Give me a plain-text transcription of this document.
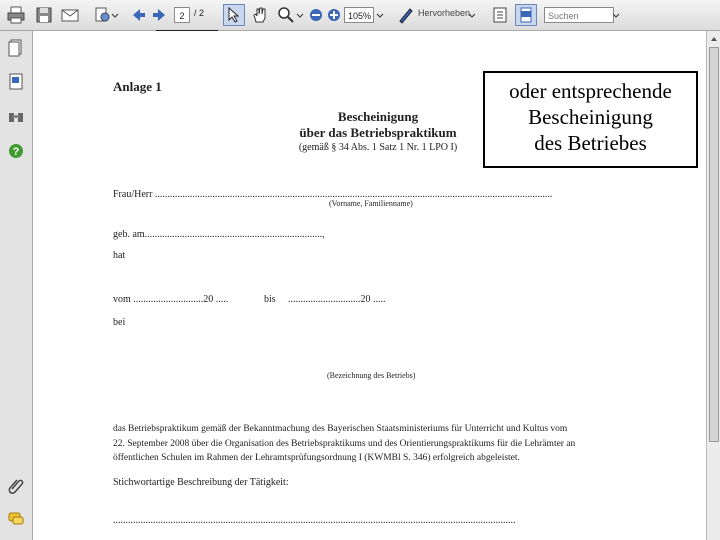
2	/ 2	105%	Hervorheben	Suchen
?
Anlage 1
Bescheinigung
über das Betriebspraktikum
(gemäß § 34 Abs. 1 Satz 1 Nr. 1 LPO I)
Frau/Herr ...............................................................................................................................................................
(Vorname, Familienname)
geb. am.......................................................................,
hat
vom ............................20 .....	bis .............................20 .....
bei
(Bezeichnung des Betriebs)
das Betriebspraktikum gemäß der Bekanntmachung des Bayerischen Staatsministeriums für Unterricht und Kultus vom
22. September 2008 über die Organisation des Betriebspraktikums und des Orientierungspraktikums für die Lehrämter an
öffentlichen Schulen im Rahmen der Lehramtsprüfungsordnung I (KWMBl S. 346) erfolgreich abgeleistet.
Stichwortartige Beschreibung der Tätigkeit:
.................................................................................................................................................................
oder entsprechende
Bescheinigung
des Betriebes
